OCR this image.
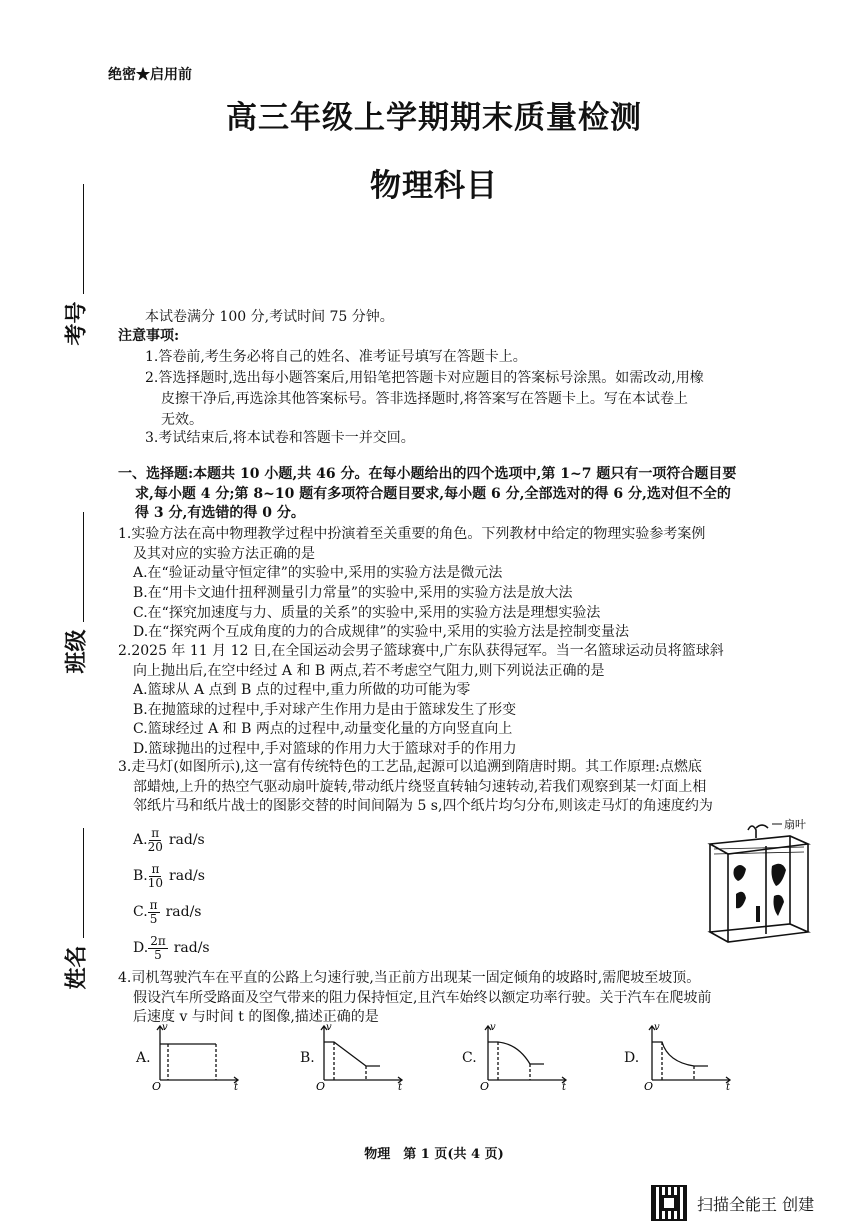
绝密★启用前
高三年级上学期期末质量检测
物理科目
考号
班级
姓名
本试卷满分 100 分,考试时间 75 分钟。
注意事项:
1.答卷前,考生务必将自己的姓名、准考证号填写在答题卡上。
2.答选择题时,选出每小题答案后,用铅笔把答题卡对应题目的答案标号涂黑。如需改动,用橡
皮擦干净后,再选涂其他答案标号。答非选择题时,将答案写在答题卡上。写在本试卷上
无效。
3.考试结束后,将本试卷和答题卡一并交回。
一、选择题:本题共 10 小题,共 46 分。在每小题给出的四个选项中,第 1~7 题只有一项符合题目要
求,每小题 4 分;第 8~10 题有多项符合题目要求,每小题 6 分,全部选对的得 6 分,选对但不全的
得 3 分,有选错的得 0 分。
1.实验方法在高中物理教学过程中扮演着至关重要的角色。下列教材中给定的物理实验参考案例
及其对应的实验方法正确的是
A.在“验证动量守恒定律”的实验中,采用的实验方法是微元法
B.在“用卡文迪什扭秤测量引力常量”的实验中,采用的实验方法是放大法
C.在“探究加速度与力、质量的关系”的实验中,采用的实验方法是理想实验法
D.在“探究两个互成角度的力的合成规律”的实验中,采用的实验方法是控制变量法
2.2025 年 11 月 12 日,在全国运动会男子篮球赛中,广东队获得冠军。当一名篮球运动员将篮球斜
向上抛出后,在空中经过 A 和 B 两点,若不考虑空气阻力,则下列说法正确的是
A.篮球从 A 点到 B 点的过程中,重力所做的功可能为零
B.在抛篮球的过程中,手对球产生作用力是由于篮球发生了形变
C.篮球经过 A 和 B 两点的过程中,动量变化量的方向竖直向上
D.篮球抛出的过程中,手对篮球的作用力大于篮球对手的作用力
3.走马灯(如图所示),这一富有传统特色的工艺品,起源可以追溯到隋唐时期。其工作原理:点燃底
部蜡烛,上升的热空气驱动扇叶旋转,带动纸片绕竖直转轴匀速转动,若我们观察到某一灯面上相
邻纸片马和纸片战士的图影交替的时间间隔为 5 s,四个纸片均匀分布,则该走马灯的角速度约为
A. $\frac{\pi}{20} rad/s$
B. $\frac{\pi}{10} rad/s$
C. $\frac{\pi}{5} rad/s$
D. $\frac{2\pi}{5} rad/s$
扇叶
4.司机驾驶汽车在平直的公路上匀速行驶,当正前方出现某一固定倾角的坡路时,需爬坡至坡顶。
假设汽车所受路面及空气带来的阻力保持恒定,且汽车始终以额定功率行驶。关于汽车在爬坡前
后速度 v 与时间 t 的图像,描述正确的是
A.
v
t
O
B.
v
t
O
C.
v
t
O
D.
v
t
O
物理　第 1 页(共 4 页)
扫描全能王 创建
